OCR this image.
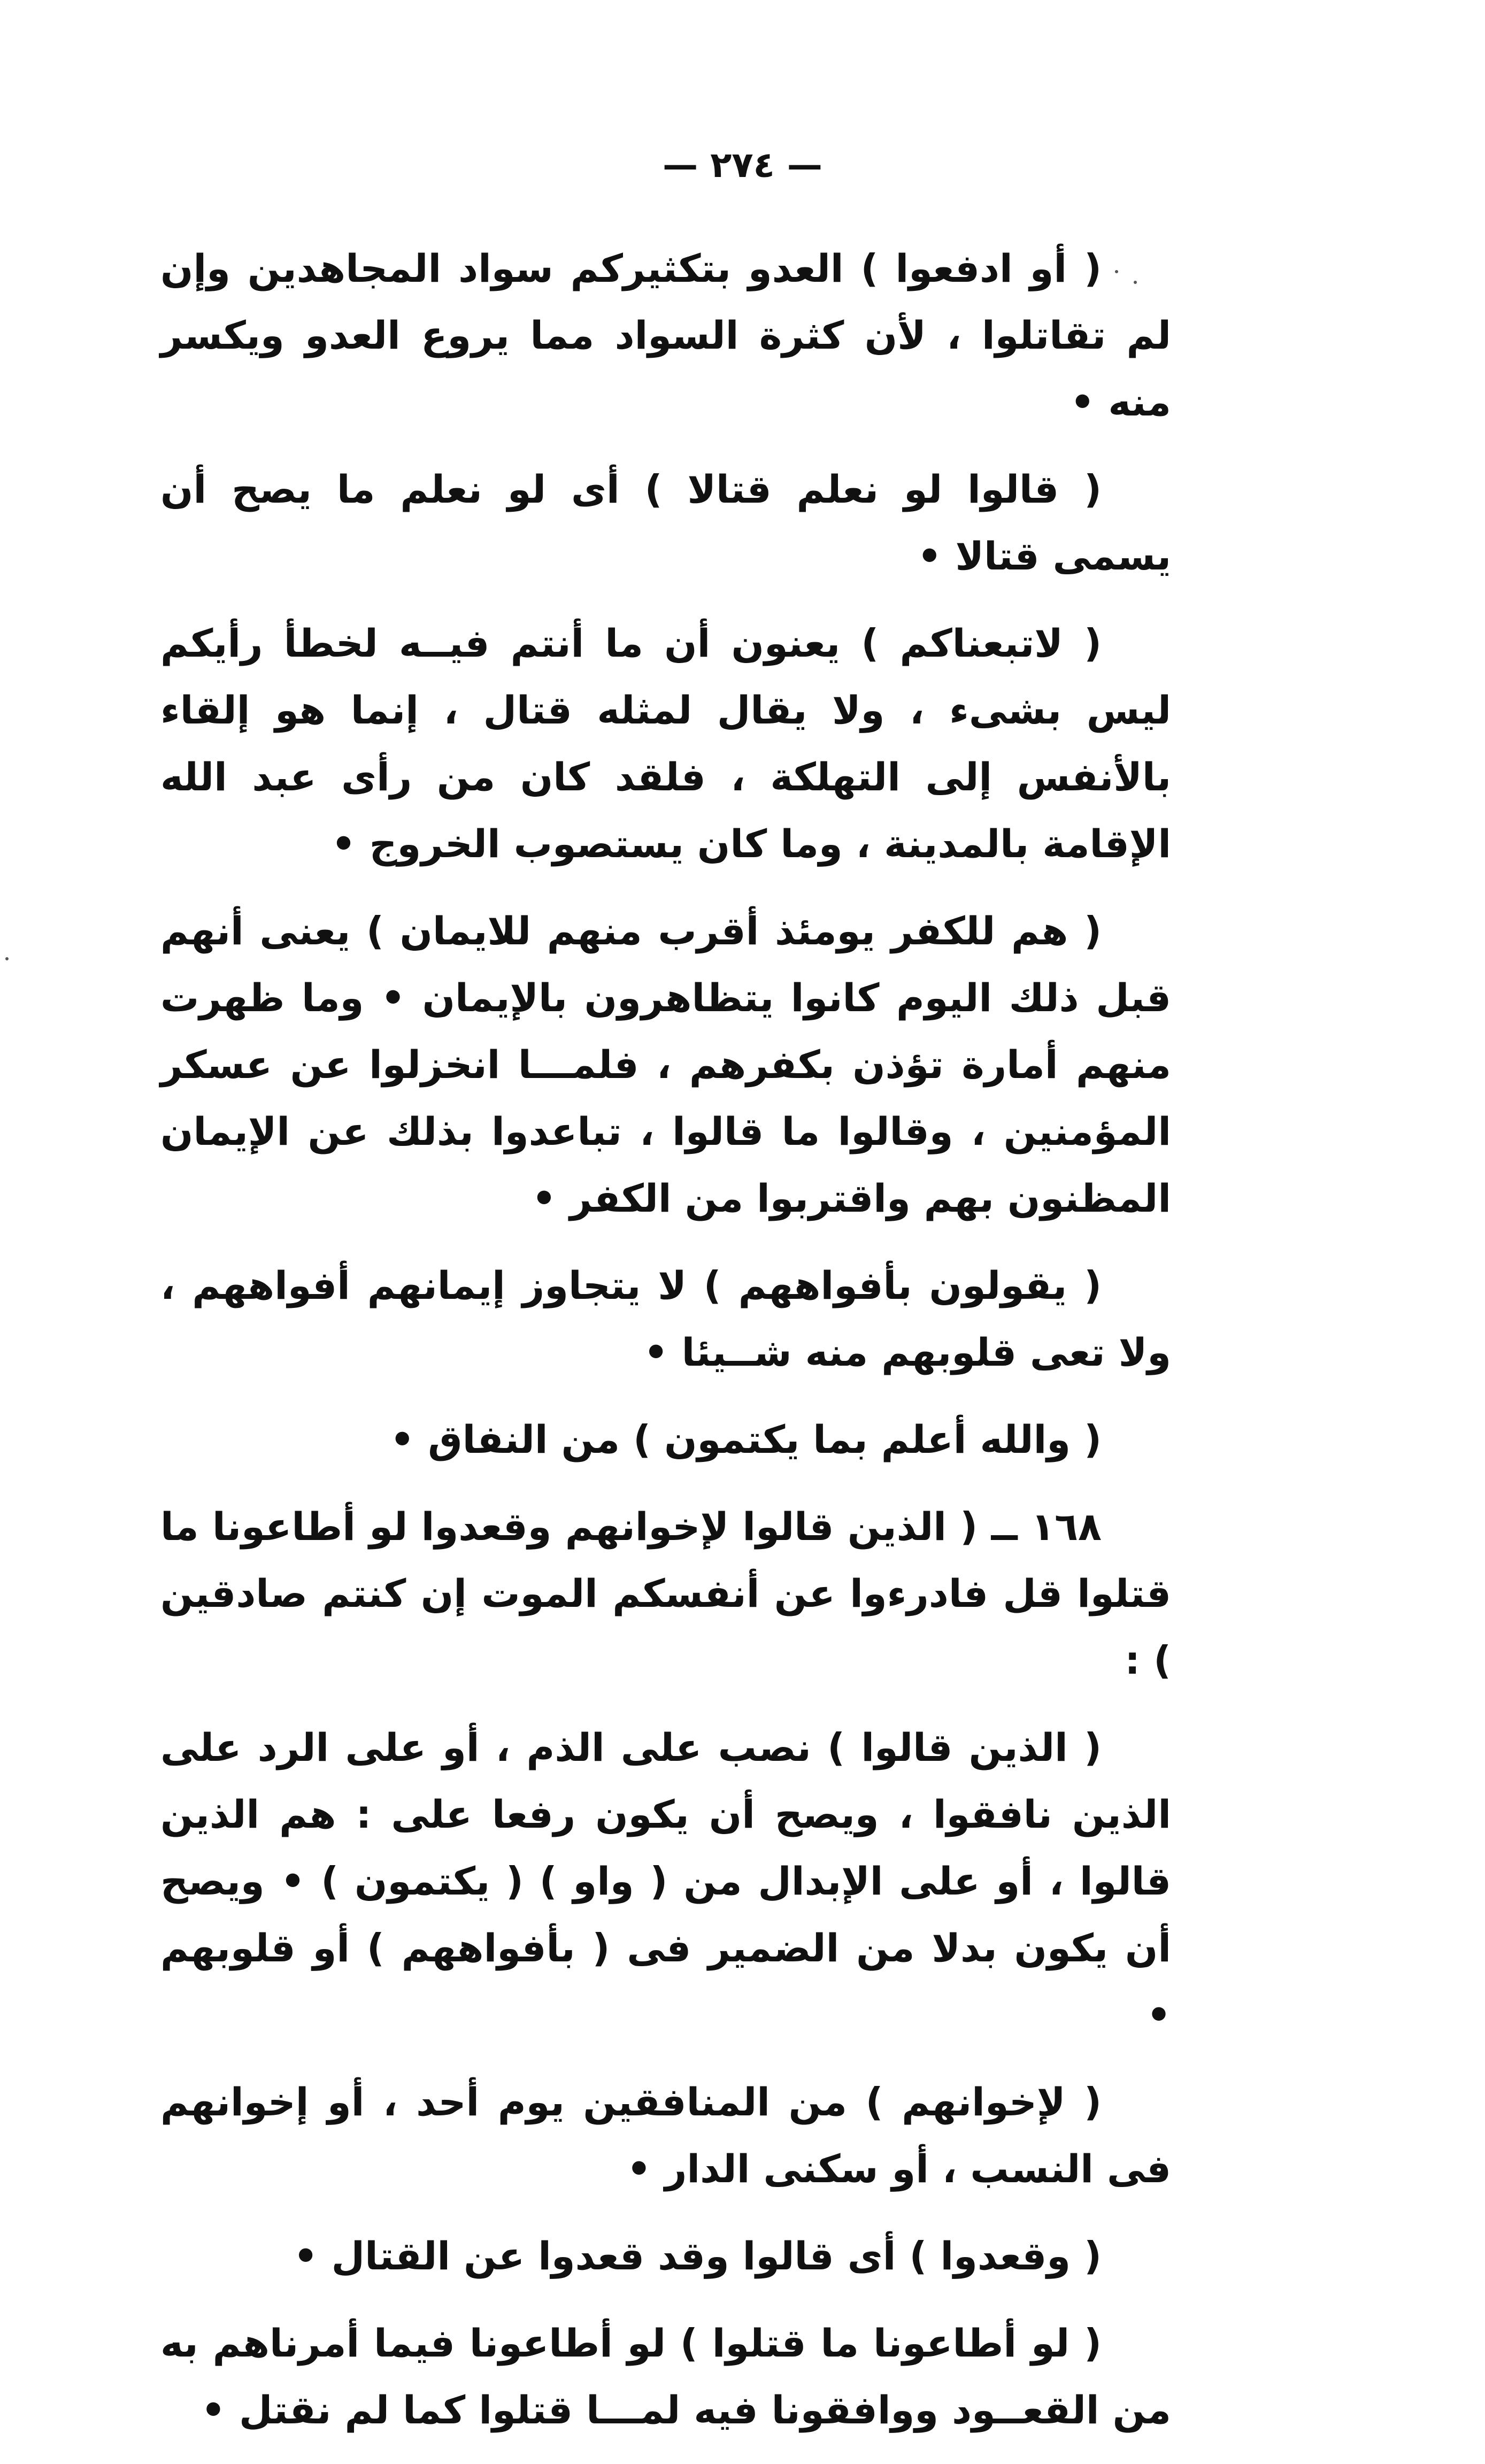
— ٢٧٤ —

( أو ادفعوا ) العدو بتكثيركم سواد المجاهدين وإن لم تقاتلوا ، لأن كثرة السواد مما يروع العدو ويكسر منه •

( قالوا لو نعلم قتالا ) أى لو نعلم ما يصح أن يسمى قتالا •

( لاتبعناكم ) يعنون أن ما أنتم فيــه لخطأ رأيكم ليس بشىء ، ولا يقال لمثله قتال ، إنما هو إلقاء بالأنفس إلى التهلكة ، فلقد كان من رأى عبد الله الإقامة بالمدينة ، وما كان يستصوب الخروج •

( هم للكفر يومئذ أقرب منهم للايمان ) يعنى أنهم قبل ذلك اليوم كانوا يتظاهرون بالإيمان • وما ظهرت منهم أمارة تؤذن بكفرهم ، فلمـــا انخزلوا عن عسكر المؤمنين ، وقالوا ما قالوا ، تباعدوا بذلك عن الإيمان المظنون بهم واقتربوا من الكفر •

( يقولون بأفواههم ) لا يتجاوز إيمانهم أفواههم ، ولا تعى قلوبهم منه شــيئا •

( والله أعلم بما يكتمون ) من النفاق •

١٦٨ ــ ( الذين قالوا لإخوانهم وقعدوا لو أطاعونا ما قتلوا قل فادرءوا عن أنفسكم الموت إن كنتم صادقين ) :

( الذين قالوا ) نصب على الذم ، أو على الرد على الذين نافقوا ، ويصح أن يكون رفعا على : هم الذين قالوا ، أو على الإبدال من ( واو ) ( يكتمون ) • ويصح أن يكون بدلا من الضمير فى ( بأفواههم ) أو قلوبهم •

( لإخوانهم ) من المنافقين يوم أحد ، أو إخوانهم فى النسب ، أو سكنى الدار •

( وقعدوا ) أى قالوا وقد قعدوا عن القتال •

( لو أطاعونا ما قتلوا ) لو أطاعونا فيما أمرناهم به من القعــود ووافقونا فيه لمـــا قتلوا كما لم نقتل •
